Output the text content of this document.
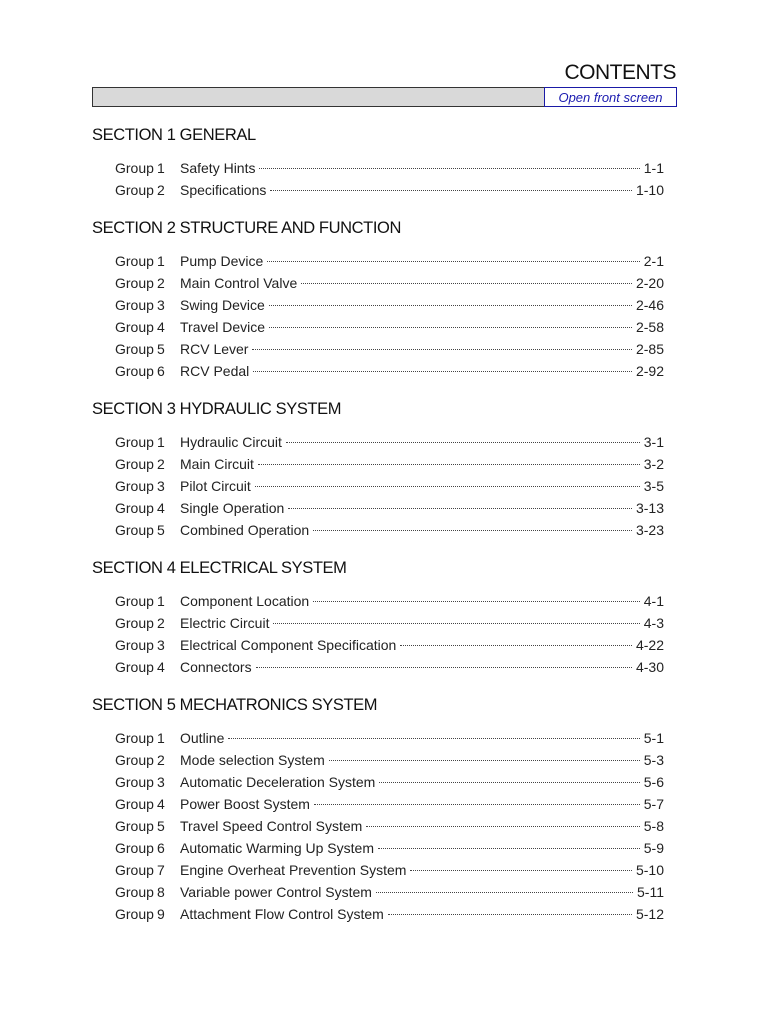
CONTENTS
Open front screen
SECTION 1 GENERAL
Group 1	Safety Hints	1-1
Group 2	Specifications	1-10
SECTION 2 STRUCTURE AND FUNCTION
Group 1	Pump Device	2-1
Group 2	Main Control Valve	2-20
Group 3	Swing Device	2-46
Group 4	Travel Device	2-58
Group 5	RCV Lever	2-85
Group 6	RCV Pedal	2-92
SECTION 3 HYDRAULIC SYSTEM
Group 1	Hydraulic Circuit	3-1
Group 2	Main Circuit	3-2
Group 3	Pilot Circuit	3-5
Group 4	Single Operation	3-13
Group 5	Combined Operation	3-23
SECTION 4 ELECTRICAL SYSTEM
Group 1	Component Location	4-1
Group 2	Electric Circuit	4-3
Group 3	Electrical Component Specification	4-22
Group 4	Connectors	4-30
SECTION 5 MECHATRONICS SYSTEM
Group 1	Outline	5-1
Group 2	Mode selection System	5-3
Group 3	Automatic Deceleration System	5-6
Group 4	Power Boost System	5-7
Group 5	Travel Speed Control System	5-8
Group 6	Automatic Warming Up System	5-9
Group 7	Engine Overheat Prevention System	5-10
Group 8	Variable power Control System	5-11
Group 9	Attachment Flow Control System	5-12
